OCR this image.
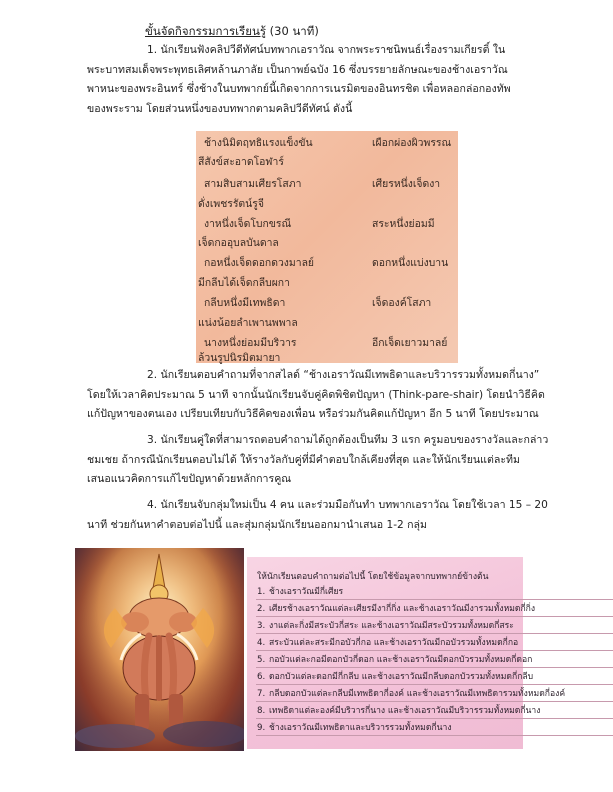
ขั้นจัดกิจกรรมการเรียนรู้ (30 นาที)

1. นักเรียนฟังคลิปวีดีทัศน์บทพากเอราวัณ จากพระราชนิพนธ์เรื่องรามเกียรติ์ ใน

พระบาทสมเด็จพระพุทธเลิศหล้านภาลัย เป็นกาพย์ฉบัง 16 ซึ่งบรรยายลักษณะของช้างเอราวัณ

พาหนะของพระอินทร์ ซึ่งช้างในบทพากย์นี้เกิดจากการเนรมิตของอินทรชิต เพื่อหลอกล่อกองทัพ

ของพระราม โดยส่วนหนึ่งของบทพากตามคลิปวีดีทัศน์ ดังนี้

ช้างนิมิตฤทธิแรงแข็งขัน	เผือกผ่องผิวพรรณ
สีสังข์สะอาดโอฬาร์
สามสิบสามเศียรโสภา	เศียรหนึ่งเจ็ดงา
ดั่งเพชรรัตน์รูจี
งาหนึ่งเจ็ดโบกขรณี	สระหนึ่งย่อมมี
เจ็ดกออุบลบันดาล
กอหนึ่งเจ็ดดอกดวงมาลย์	ดอกหนึ่งแบ่งบาน
มีกลีบได้เจ็ดกลีบผกา
กลีบหนึ่งมีเทพธิดา	เจ็ดองค์โสภา
แน่งน้อยลำเพานพพาล
นางหนึ่งย่อมมีบริวาร	อีกเจ็ดเยาวมาลย์
ล้วนรูปนิรมิตมายา

2. นักเรียนตอบคำถามที่จากสไลด์ “ช้างเอราวัณมีเทพธิดาและบริวารรวมทั้งหมดกี่นาง”

โดยให้เวลาคิดประมาณ 5 นาที จากนั้นนักเรียนจับคู่คิดพิชิตปัญหา (Think-pare-shair) โดยนำวิธีคิด

แก้ปัญหาของตนเอง เปรียบเทียบกับวิธีคิดของเพื่อน หรือร่วมกันคิดแก้ปัญหา อีก 5 นาที โดยประมาณ

3. นักเรียนคู่ใดที่สามารถตอบคำถามได้ถูกต้องเป็นทีม 3 แรก ครูมอบของรางวัลและกล่าว

ชมเชย ถ้ากรณีนักเรียนตอบไม่ได้ ให้รางวัลกับคู่ที่มีคำตอบใกล้เคียงที่สุด และให้นักเรียนแต่ละทีม

เสนอแนวคิดการแก้ไขปัญหาด้วยหลักการคูณ

4. นักเรียนจับกลุ่มใหม่เป็น 4 คน และร่วมมือกันทำ บทพากเอราวัณ โดยใช้เวลา 15 – 20

นาที ช่วยกันหาคำตอบต่อไปนี้ และสุ่มกลุ่มนักเรียนออกมานำเสนอ 1-2 กลุ่ม

ให้นักเรียนตอบคำถามต่อไปนี้ โดยใช้ข้อมูลจากบทพากย์ข้างต้น
1. ช้างเอราวัณมีกี่เศียร
2. เศียรช้างเอราวัณแต่ละเศียรมีงากี่กิ่ง และช้างเอราวัณมีงารวมทั้งหมดกี่กิ่ง
3. งาแต่ละกิ่งมีสระบัวกี่สระ และช้างเอราวัณมีสระบัวรวมทั้งหมดกี่สระ
4. สระบัวแต่ละสระมีกอบัวกี่กอ และช้างเอราวัณมีกอบัวรวมทั้งหมดกี่กอ
5. กอบัวแต่ละกอมีดอกบัวกี่ดอก และช้างเอราวัณมีดอกบัวรวมทั้งหมดกี่ดอก
6. ดอกบัวแต่ละดอกมีกี่กลีบ และช้างเอราวัณมีกลีบดอกบัวรวมทั้งหมดกี่กลีบ
7. กลีบดอกบัวแต่ละกลีบมีเทพธิดากี่องค์ และช้างเอราวัณมีเทพธิดารวมทั้งหมดกี่องค์
8. เทพธิดาแต่ละองค์มีบริวารกี่นาง และช้างเอราวัณมีบริวารรวมทั้งหมดกี่นาง
9. ช้างเอราวัณมีเทพธิดาและบริวารรวมทั้งหมดกี่นาง
